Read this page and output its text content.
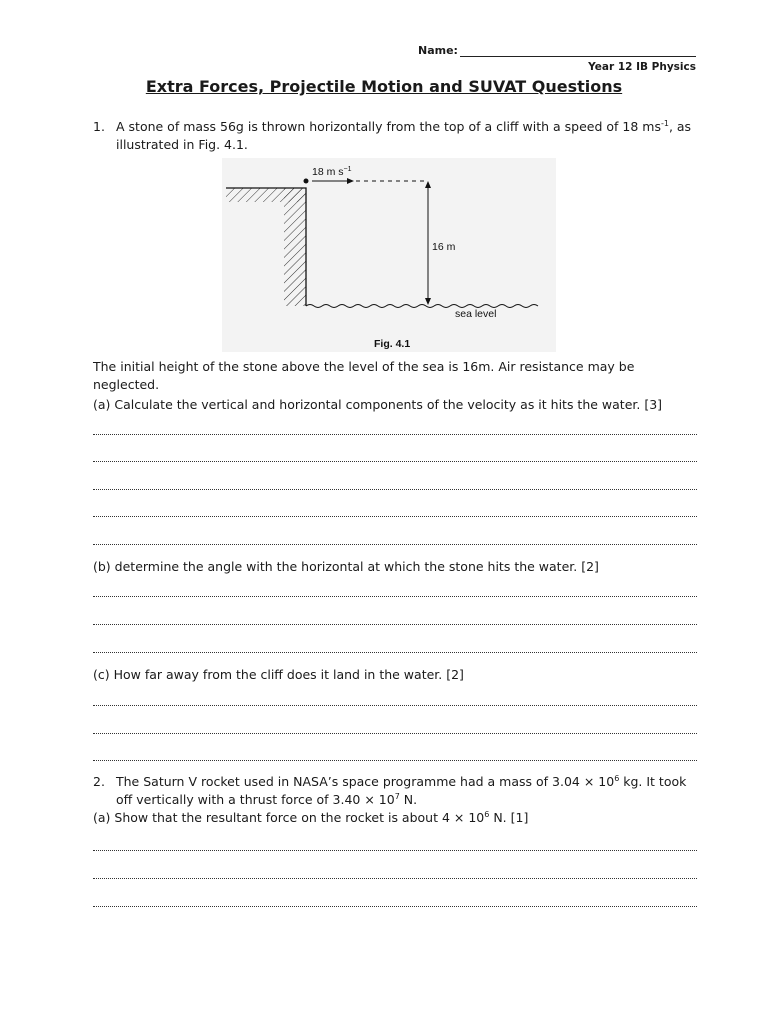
Name:
Year 12 IB Physics
Extra Forces, Projectile Motion and SUVAT Questions
1. A stone of mass 56g is thrown horizontally from the top of a cliff with a speed of 18 $ms^{-1}$, as
illustrated in Fig. 4.1.
18 m $s^{-1}$
16 m
sea level
Fig. 4.1
The initial height of the stone above the level of the sea is 16m. Air resistance may be
neglected.
(a) Calculate the vertical and horizontal components of the velocity as it hits the water. [3]
(b) determine the angle with the horizontal at which the stone hits the water. [2]
(c) How far away from the cliff does it land in the water. [2]
2. The Saturn V rocket used in NASA’s space programme had a mass of $3.04 \times 10^6$ kg. It took
off vertically with a thrust force of $3.40 \times 10^7$ N.
(a) Show that the resultant force on the rocket is about $4 \times 10^6$ N. [1]
